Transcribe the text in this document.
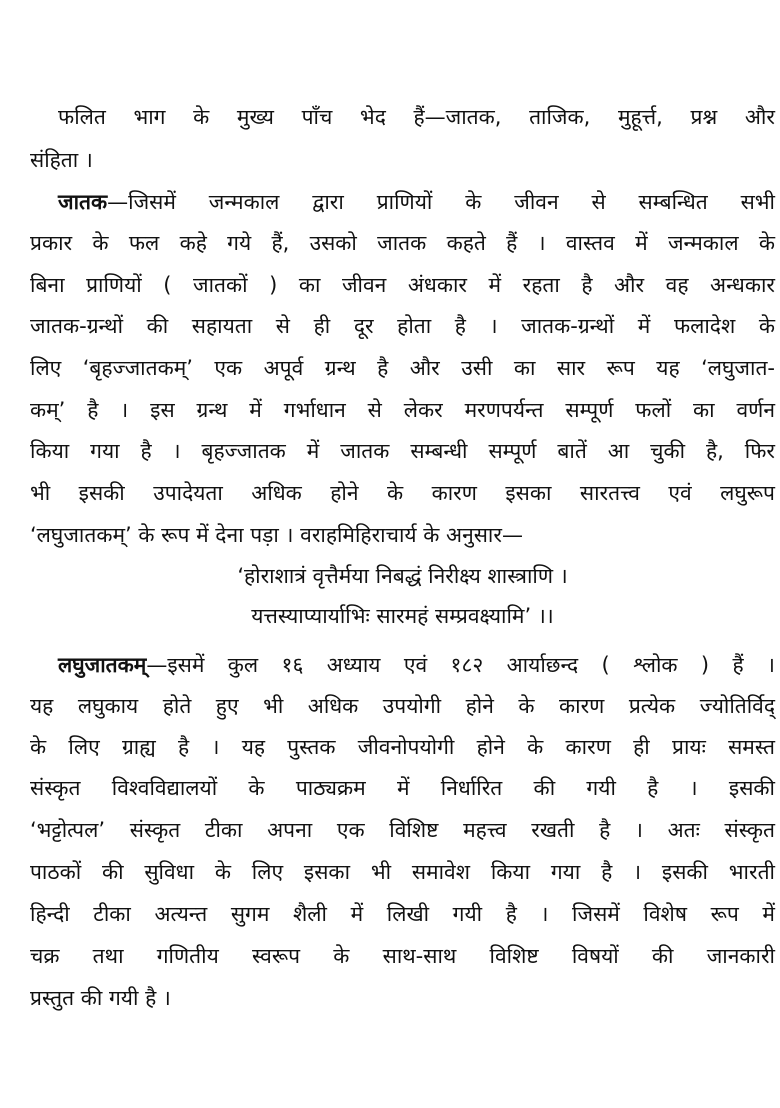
फलित भाग के मुख्य पाँच भेद हैं—जातक, ताजिक, मुहूर्त्त, प्रश्न और
संहिता ।
जातक—जिसमें जन्मकाल द्वारा प्राणियों के जीवन से सम्बन्धित सभी
प्रकार के फल कहे गये हैं, उसको जातक कहते हैं । वास्तव में जन्मकाल के
बिना प्राणियों ( जातकों ) का जीवन अंधकार में रहता है और वह अन्धकार
जातक-ग्रन्थों की सहायता से ही दूर होता है । जातक-ग्रन्थों में फलादेश के
लिए ‘बृहज्जातकम्’ एक अपूर्व ग्रन्थ है और उसी का सार रूप यह ‘लघुजात-
कम्’ है । इस ग्रन्थ में गर्भाधान से लेकर मरणपर्यन्त सम्पूर्ण फलों का वर्णन
किया गया है । बृहज्जातक में जातक सम्बन्धी सम्पूर्ण बातें आ चुकी है, फिर
भी इसकी उपादेयता अधिक होने के कारण इसका सारतत्त्व एवं लघुरूप
‘लघुजातकम्’ के रूप में देना पड़ा । वराहमिहिराचार्य के अनुसार—
‘होराशात्रं वृत्तैर्मया निबद्धं निरीक्ष्य शास्त्राणि ।
यत्तस्याप्यार्याभिः सारमहं सम्प्रवक्ष्यामि’ ।।
लघुजातकम्—इसमें कुल १६ अध्याय एवं १८२ आर्याछन्द ( श्लोक ) हैं ।
यह लघुकाय होते हुए भी अधिक उपयोगी होने के कारण प्रत्येक ज्योतिर्विद्
के लिए ग्राह्य है । यह पुस्तक जीवनोपयोगी होने के कारण ही प्रायः समस्त
संस्कृत विश्वविद्यालयों के पाठ्यक्रम में निर्धारित की गयी है । इसकी
‘भट्टोत्पल’ संस्कृत टीका अपना एक विशिष्ट महत्त्व रखती है । अतः संस्कृत
पाठकों की सुविधा के लिए इसका भी समावेश किया गया है । इसकी भारती
हिन्दी टीका अत्यन्त सुगम शैली में लिखी गयी है । जिसमें विशेष रूप में
चक्र तथा गणितीय स्वरूप के साथ-साथ विशिष्ट विषयों की जानकारी
प्रस्तुत की गयी है ।
